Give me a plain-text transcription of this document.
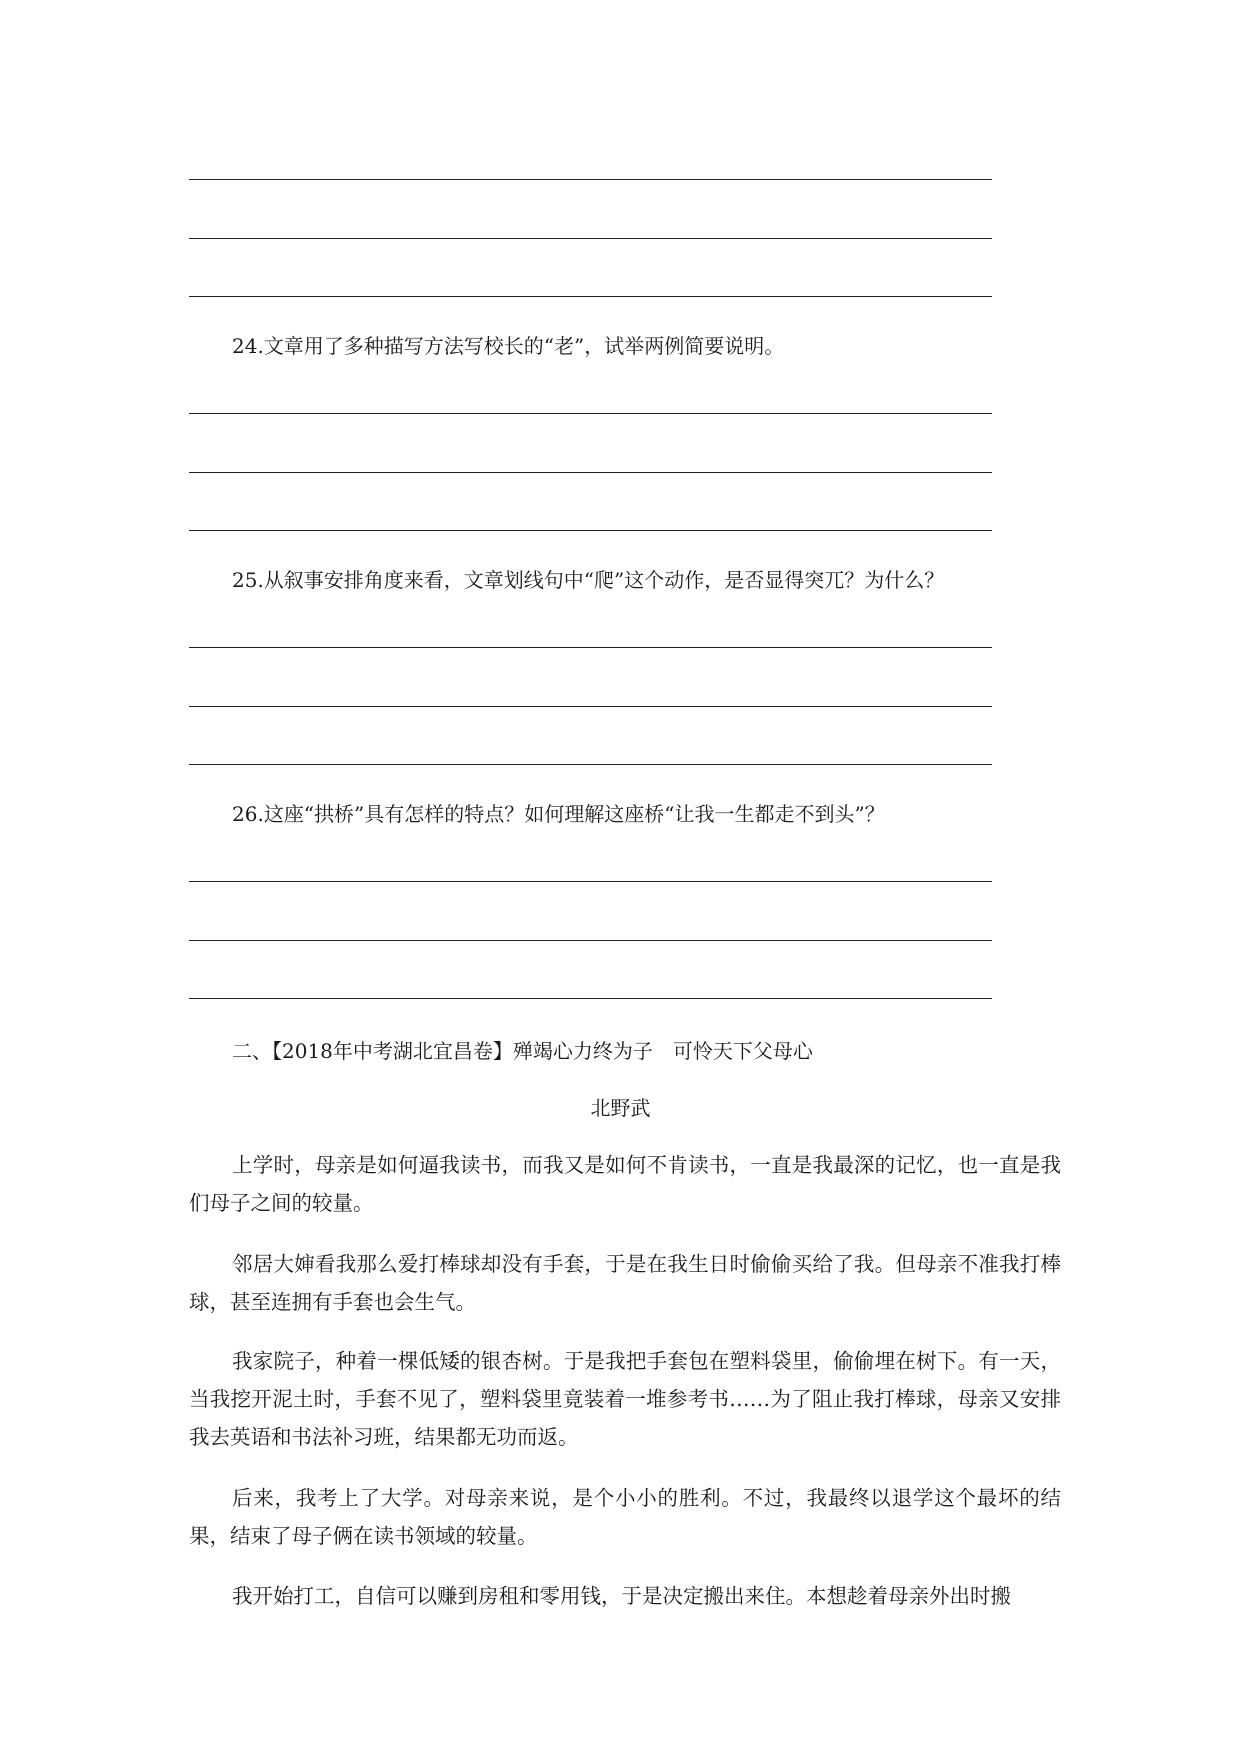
24.文章用了多种描写方法写校长的“老”，试举两例简要说明。
25.从叙事安排角度来看，文章划线句中“爬”这个动作，是否显得突兀？为什么？
26.这座“拱桥”具有怎样的特点？如何理解这座桥“让我一生都走不到头”？
二、【2018年中考湖北宜昌卷】殚竭心力终为子　可怜天下父母心
北野武

上学时，母亲是如何逼我读书，而我又是如何不肯读书，一直是我最深的记忆，也一直是我们母子之间的较量。

邻居大婶看我那么爱打棒球却没有手套，于是在我生日时偷偷买给了我。但母亲不准我打棒球，甚至连拥有手套也会生气。

我家院子，种着一棵低矮的银杏树。于是我把手套包在塑料袋里，偷偷埋在树下。有一天，当我挖开泥土时，手套不见了，塑料袋里竟装着一堆参考书……为了阻止我打棒球，母亲又安排我去英语和书法补习班，结果都无功而返。

后来，我考上了大学。对母亲来说，是个小小的胜利。不过，我最终以退学这个最坏的结果，结束了母子俩在读书领域的较量。

我开始打工，自信可以赚到房租和零用钱，于是决定搬出来住。本想趁着母亲外出时搬
